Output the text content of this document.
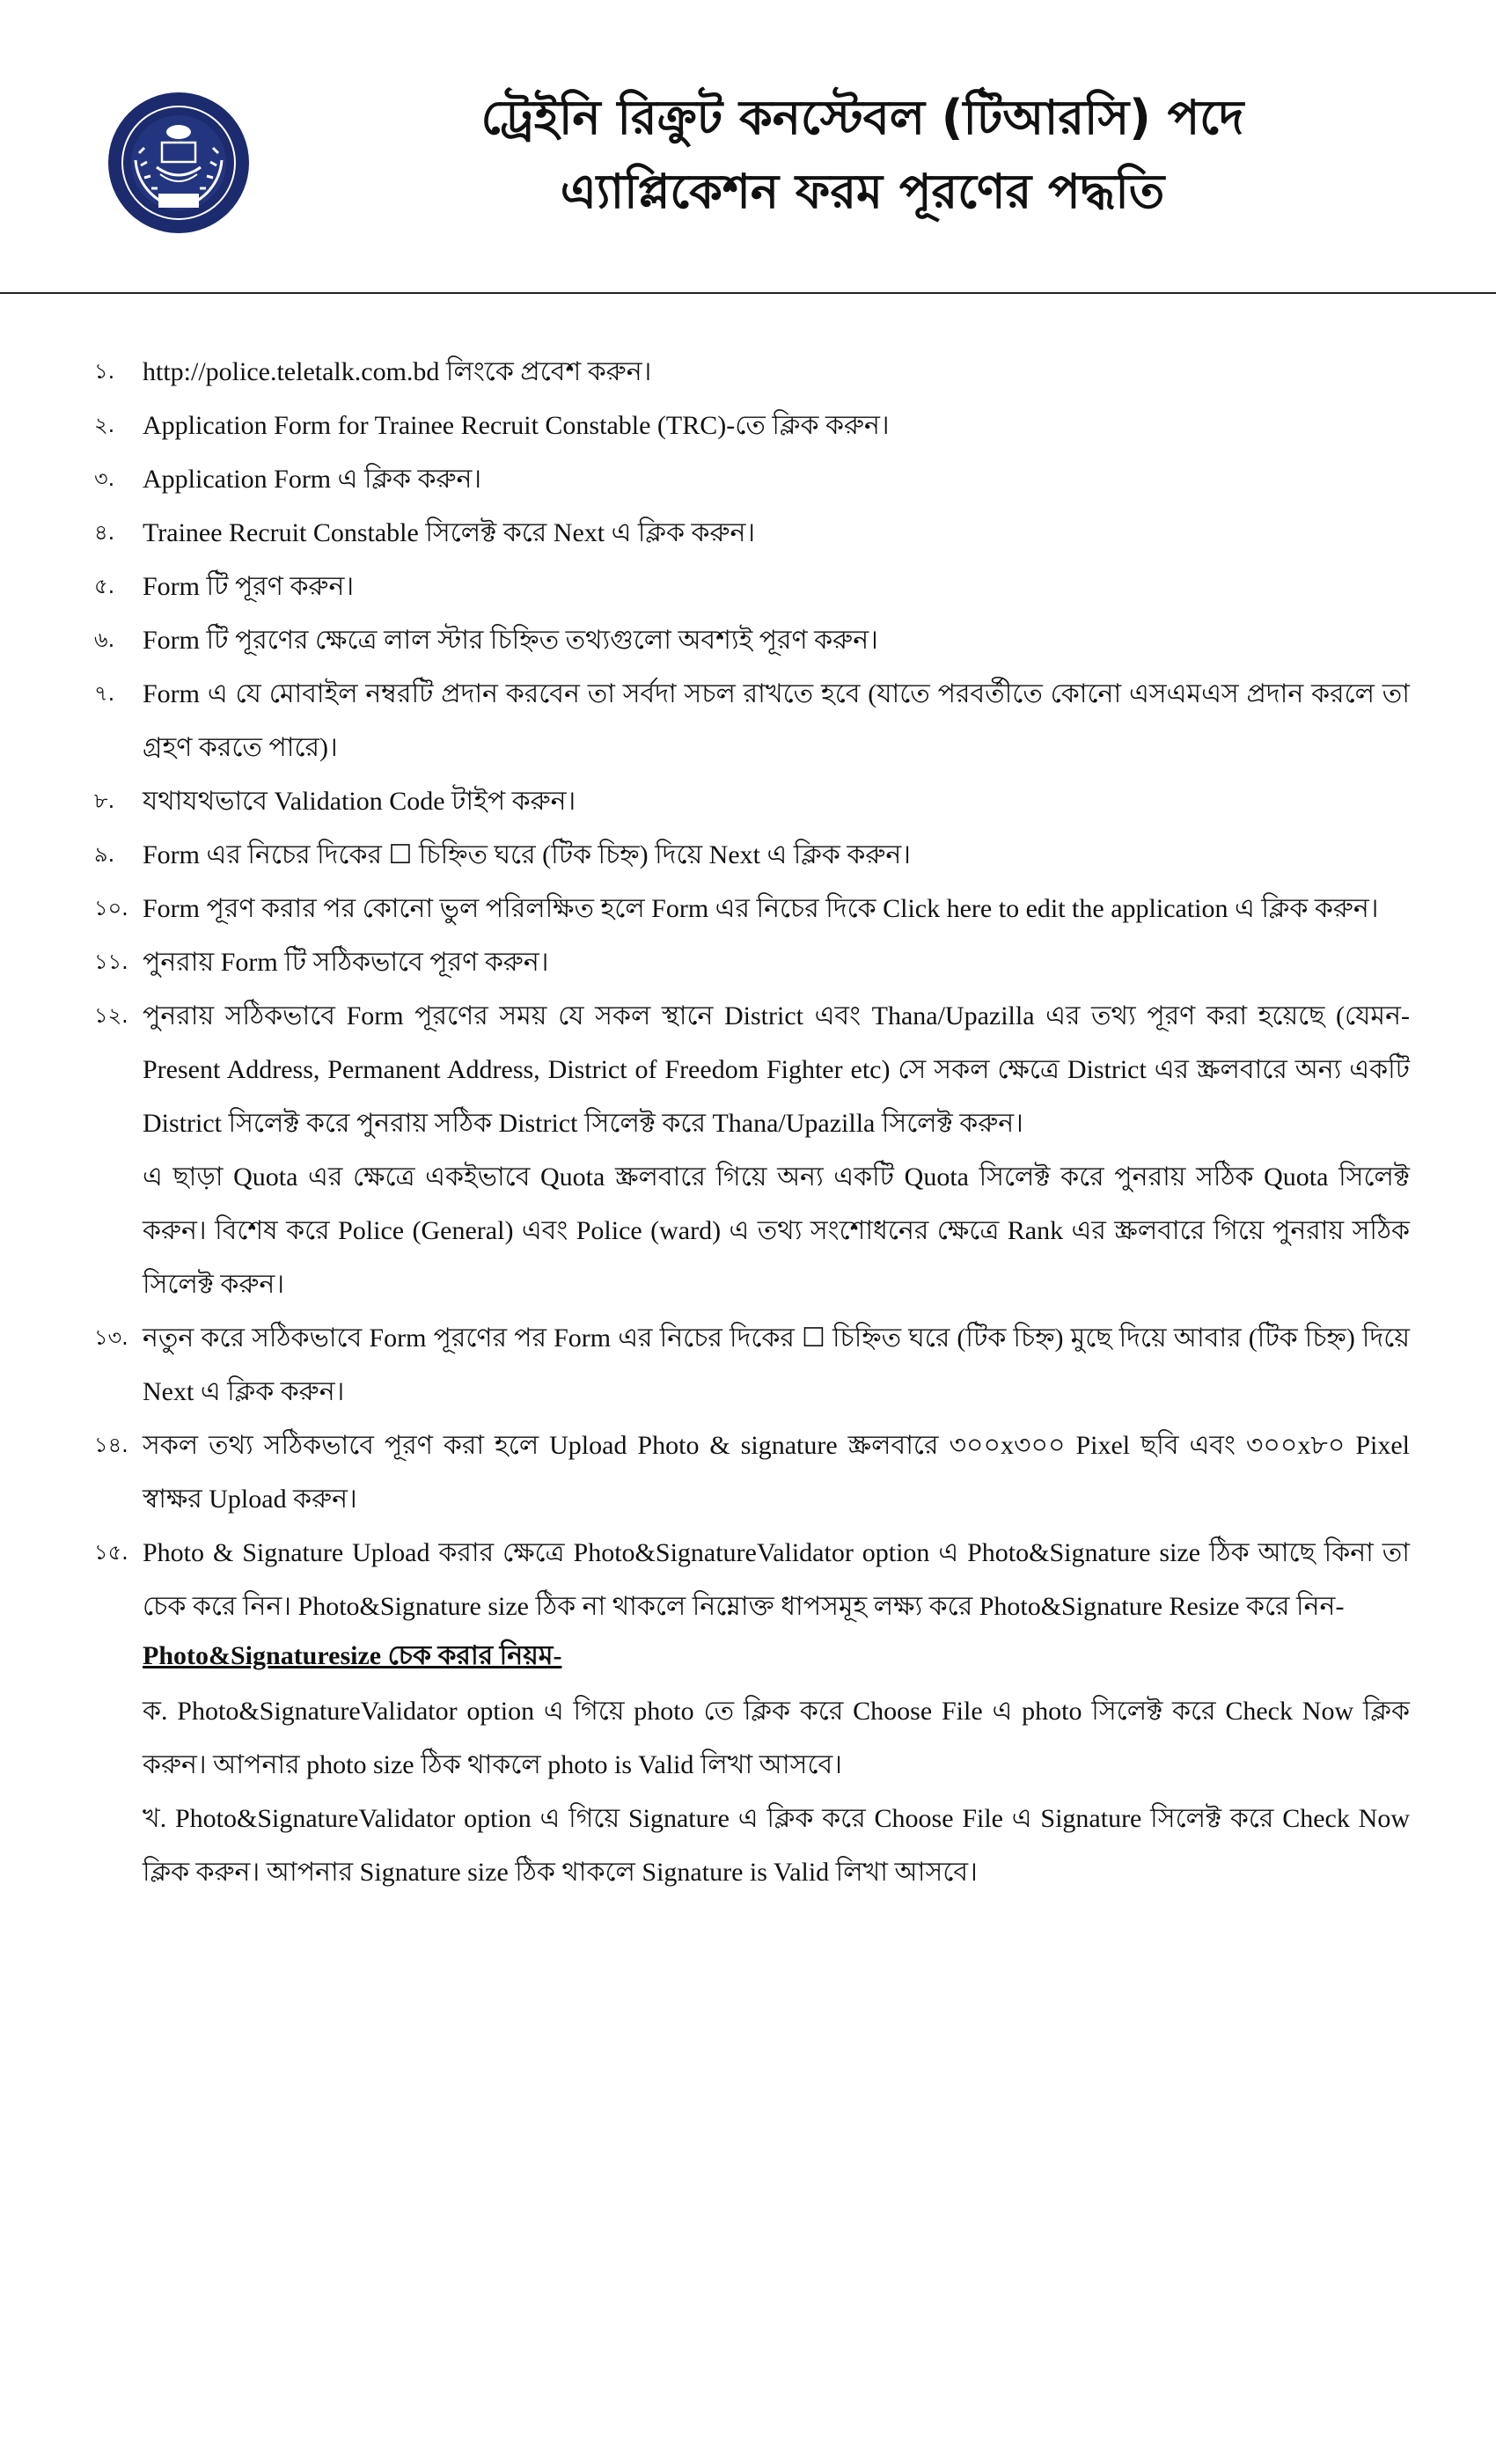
ট্রেইনি রিক্রুট কনস্টেবল (টিআরসি) পদে
এ্যাপ্লিকেশন ফরম পূরণের পদ্ধতি
১.	http://police.teletalk.com.bd লিংকে প্রবেশ করুন।
২.	Application Form for Trainee Recruit Constable (TRC)-তে ক্লিক করুন।
৩.	Application Form এ ক্লিক করুন।
৪.	Trainee Recruit Constable সিলেক্ট করে Next এ ক্লিক করুন।
৫.	Form টি পূরণ করুন।
৬.	Form টি পূরণের ক্ষেত্রে লাল স্টার চিহ্নিত তথ্যগুলো অবশ্যই পূরণ করুন।
৭.	Form এ যে মোবাইল নম্বরটি প্রদান করবেন তা সর্বদা সচল রাখতে হবে (যাতে পরবর্তীতে কোনো এসএমএস প্রদান করলে তা গ্রহণ করতে পারে)।
৮.	যথাযথভাবে Validation Code টাইপ করুন।
৯.	Form এর নিচের দিকের ☐ চিহ্নিত ঘরে (টিক চিহ্ন) দিয়ে Next এ ক্লিক করুন।
১০. Form পূরণ করার পর কোনো ভুল পরিলক্ষিত হলে Form এর নিচের দিকে Click here to edit the application এ ক্লিক করুন।
১১. পুনরায় Form টি সঠিকভাবে পূরণ করুন।
১২. পুনরায় সঠিকভাবে Form পূরণের সময় যে সকল স্থানে District এবং Thana/Upazilla এর তথ্য পূরণ করা হয়েছে (যেমন- Present Address, Permanent Address, District of Freedom Fighter etc) সে সকল ক্ষেত্রে District এর স্ক্রলবারে অন্য একটি District সিলেক্ট করে পুনরায় সঠিক District সিলেক্ট করে Thana/Upazilla সিলেক্ট করুন।
এ ছাড়া Quota এর ক্ষেত্রে একইভাবে Quota স্ক্রলবারে গিয়ে অন্য একটি Quota সিলেক্ট করে পুনরায় সঠিক Quota সিলেক্ট করুন। বিশেষ করে Police (General) এবং Police (ward) এ তথ্য সংশোধনের ক্ষেত্রে Rank এর স্ক্রলবারে গিয়ে পুনরায় সঠিক সিলেক্ট করুন।
১৩. নতুন করে সঠিকভাবে Form পূরণের পর Form এর নিচের দিকের ☐ চিহ্নিত ঘরে (টিক চিহ্ন) মুছে দিয়ে আবার (টিক চিহ্ন) দিয়ে Next এ ক্লিক করুন।
১৪. সকল তথ্য সঠিকভাবে পূরণ করা হলে Upload Photo & signature স্ক্রলবারে ৩০০x৩০০ Pixel ছবি এবং ৩০০x৮০ Pixel স্বাক্ষর Upload করুন।
১৫. Photo & Signature Upload করার ক্ষেত্রে Photo&SignatureValidator option এ Photo&Signature size ঠিক আছে কিনা তা চেক করে নিন। Photo&Signature size ঠিক না থাকলে নিম্নোক্ত ধাপসমূহ লক্ষ্য করে Photo&Signature Resize করে নিন-
Photo&Signaturesize চেক করার নিয়ম-
ক. Photo&SignatureValidator option এ গিয়ে photo তে ক্লিক করে Choose File এ photo সিলেক্ট করে Check Now ক্লিক করুন। আপনার photo size ঠিক থাকলে photo is Valid লিখা আসবে।
খ. Photo&SignatureValidator option এ গিয়ে Signature এ ক্লিক করে Choose File এ Signature সিলেক্ট করে Check Now ক্লিক করুন। আপনার Signature size ঠিক থাকলে Signature is Valid লিখা আসবে।
